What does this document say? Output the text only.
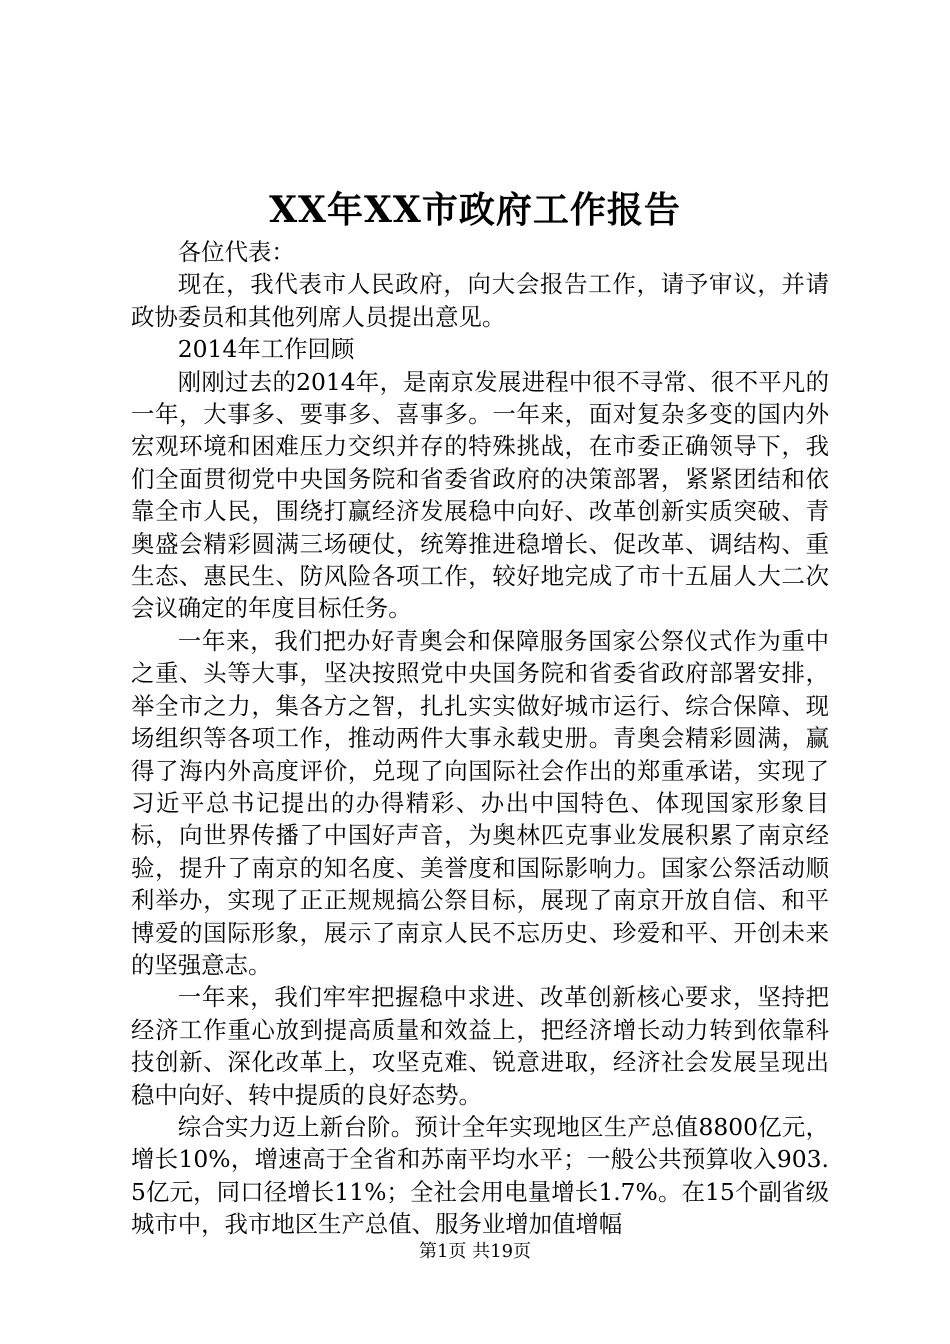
XX年XX市政府工作报告

各位代表：

现在，我代表市人民政府，向大会报告工作，请予审议，并请政协委员和其他列席人员提出意见。

2014年工作回顾

刚刚过去的2014年，是南京发展进程中很不寻常、很不平凡的一年，大事多、要事多、喜事多。一年来，面对复杂多变的国内外宏观环境和困难压力交织并存的特殊挑战，在市委正确领导下，我们全面贯彻党中央国务院和省委省政府的决策部署，紧紧团结和依靠全市人民，围绕打赢经济发展稳中向好、改革创新实质突破、青奥盛会精彩圆满三场硬仗，统筹推进稳增长、促改革、调结构、重生态、惠民生、防风险各项工作，较好地完成了市十五届人大二次会议确定的年度目标任务。

一年来，我们把办好青奥会和保障服务国家公祭仪式作为重中之重、头等大事，坚决按照党中央国务院和省委省政府部署安排，举全市之力，集各方之智，扎扎实实做好城市运行、综合保障、现场组织等各项工作，推动两件大事永载史册。青奥会精彩圆满，赢得了海内外高度评价，兑现了向国际社会作出的郑重承诺，实现了习近平总书记提出的办得精彩、办出中国特色、体现国家形象目标，向世界传播了中国好声音，为奥林匹克事业发展积累了南京经验，提升了南京的知名度、美誉度和国际影响力。国家公祭活动顺利举办，实现了正正规规搞公祭目标，展现了南京开放自信、和平博爱的国际形象，展示了南京人民不忘历史、珍爱和平、开创未来的坚强意志。

一年来，我们牢牢把握稳中求进、改革创新核心要求，坚持把经济工作重心放到提高质量和效益上，把经济增长动力转到依靠科技创新、深化改革上，攻坚克难、锐意进取，经济社会发展呈现出稳中向好、转中提质的良好态势。

综合实力迈上新台阶。预计全年实现地区生产总值8800亿元，增长10%，增速高于全省和苏南平均水平；一般公共预算收入903.5亿元，同口径增长11%；全社会用电量增长1.7%。在15个副省级城市中，我市地区生产总值、服务业增加值增幅

第1页 共19页
